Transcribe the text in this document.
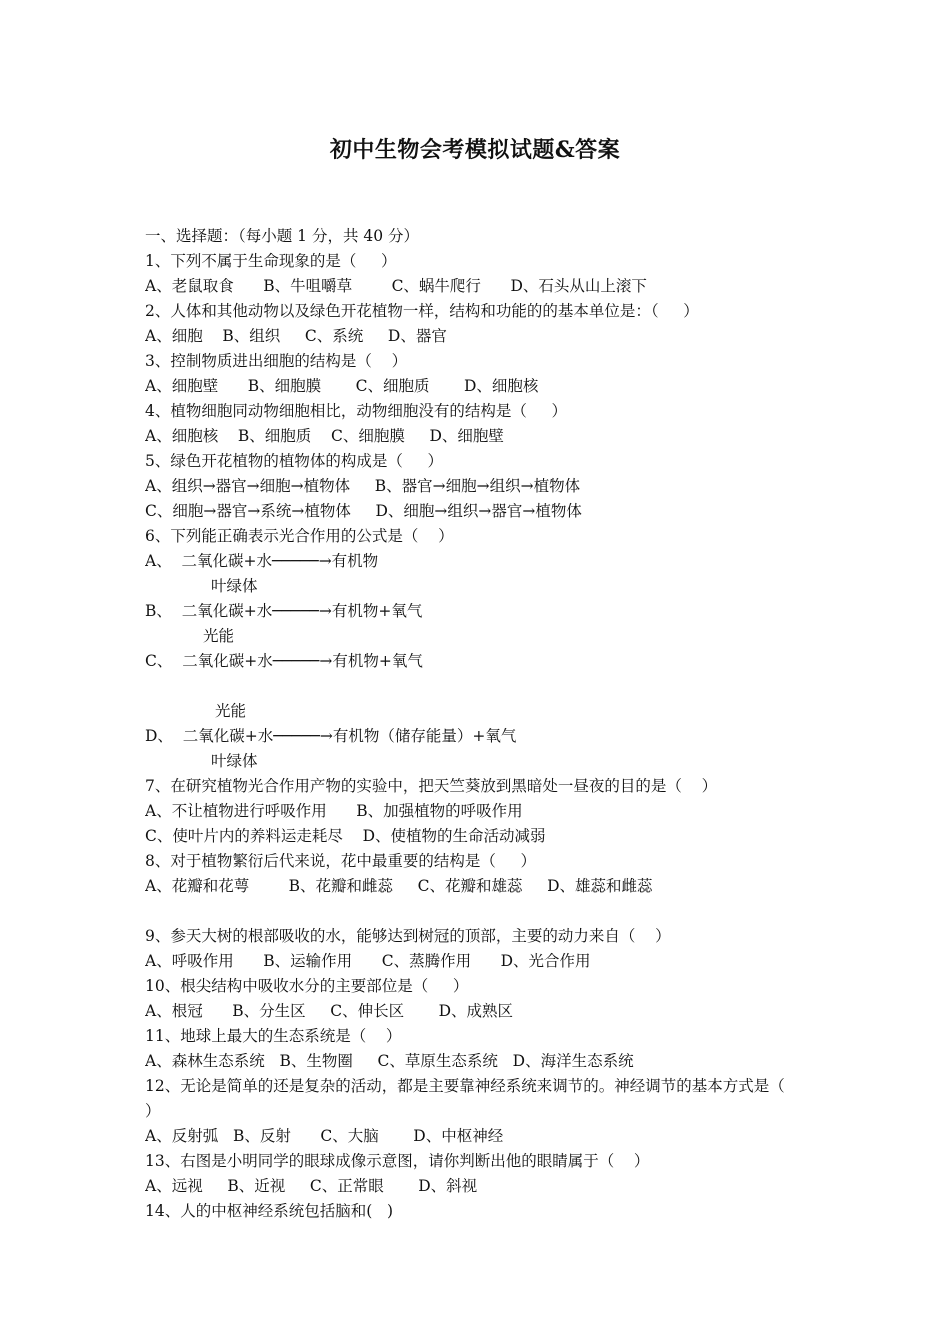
初中生物会考模拟试题&答案
一、选择题：（每小题 1 分，共 40 分）
1、下列不属于生命现象的是（     ）
A、老鼠取食      B、牛咀嚼草        C、蜗牛爬行      D、石头从山上滚下
2、人体和其他动物以及绿色开花植物一样，结构和功能的的基本单位是：（     ）
A、细胞    B、组织     C、系统     D、器官
3、控制物质进出细胞的结构是（    ）
A、细胞壁      B、细胞膜       C、细胞质       D、细胞核
4、植物细胞同动物细胞相比，动物细胞没有的结构是（     ）
A、细胞核    B、细胞质    C、细胞膜     D、细胞壁
5、绿色开花植物的植物体的构成是（     ）
A、组织→器官→细胞→植物体     B、器官→细胞→组织→植物体
C、细胞→器官→系统→植物体     D、细胞→组织→器官→植物体
6、下列能正确表示光合作用的公式是（    ）
A、  二氧化碳+水─────→有机物
叶绿体
B、  二氧化碳+水─────→有机物+氧气
光能
C、  二氧化碳+水─────→有机物+氧气
光能
D、  二氧化碳+水─────→有机物（储存能量）+氧气
叶绿体
7、在研究植物光合作用产物的实验中，把天竺葵放到黑暗处一昼夜的目的是（    ）
A、不让植物进行呼吸作用      B、加强植物的呼吸作用
C、使叶片内的养料运走耗尽    D、使植物的生命活动减弱
8、对于植物繁衍后代来说，花中最重要的结构是（     ）
A、花瓣和花萼        B、花瓣和雌蕊     C、花瓣和雄蕊     D、雄蕊和雌蕊
9、参天大树的根部吸收的水，能够达到树冠的顶部，主要的动力来自（    ）
A、呼吸作用      B、运输作用      C、蒸腾作用      D、光合作用
10、根尖结构中吸收水分的主要部位是（     ）
A、根冠      B、分生区     C、伸长区       D、成熟区
11、地球上最大的生态系统是（    ）
A、森林生态系统   B、生物圈     C、草原生态系统   D、海洋生态系统
12、无论是简单的还是复杂的活动，都是主要靠神经系统来调节的。神经调节的基本方式是（
）
A、反射弧   B、反射      C、大脑       D、中枢神经
13、右图是小明同学的眼球成像示意图，请你判断出他的眼睛属于（    ）
A、远视     B、近视     C、正常眼       D、斜视
14、人的中枢神经系统包括脑和(   )
